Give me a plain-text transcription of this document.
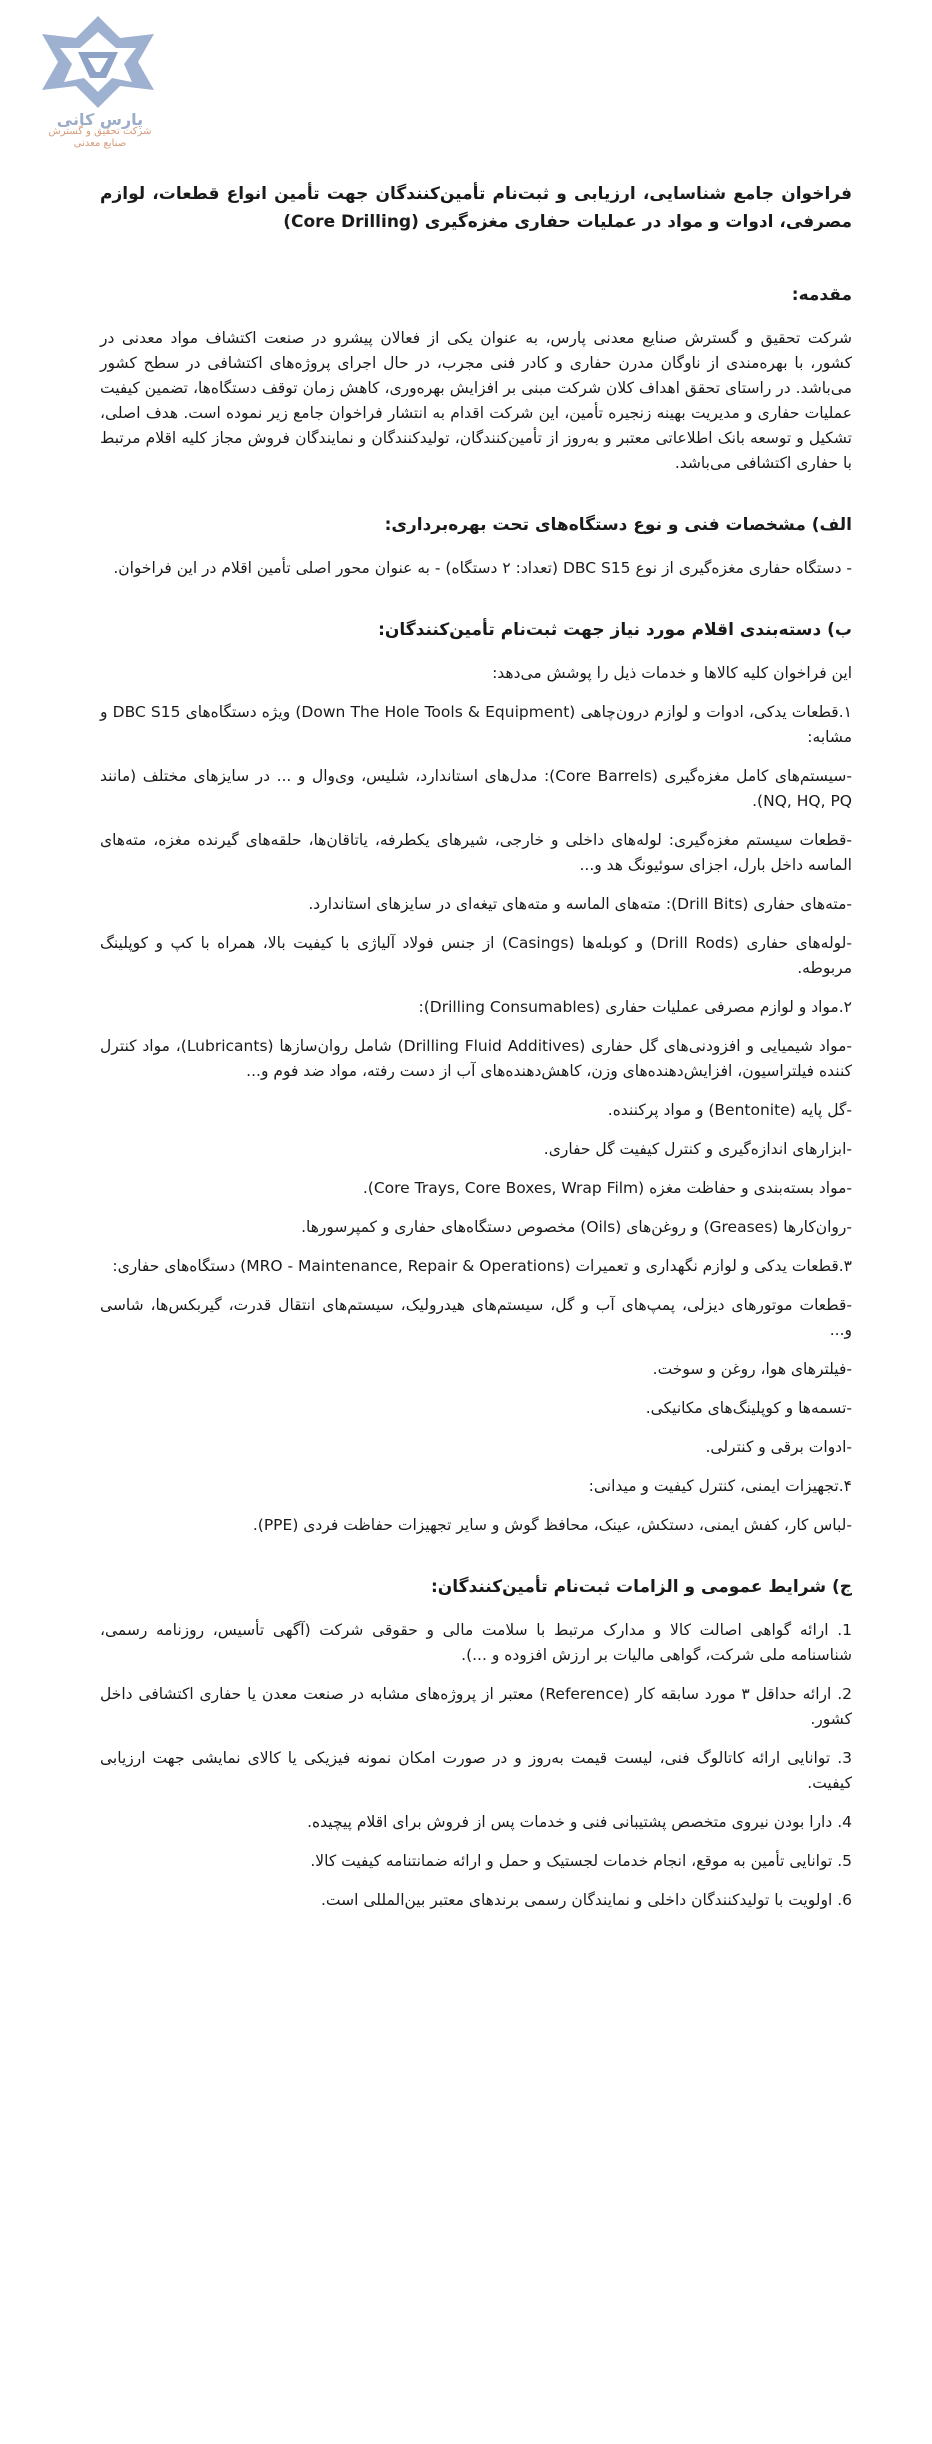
پارس کانی
شرکت تحقیق و گسترش
صنایع معدنی
فراخوان جامع شناسایی، ارزیابی و ثبت‌نام تأمین‌کنندگان جهت تأمین انواع قطعات، لوازم مصرفی، ادوات و مواد در عملیات حفاری مغزه‌گیری (Core Drilling)
مقدمه:
شرکت تحقیق و گسترش صنایع معدنی پارس، به عنوان یکی از فعالان پیشرو در صنعت اکتشاف مواد معدنی در کشور، با بهره‌مندی از ناوگان مدرن حفاری و کادر فنی مجرب، در حال اجرای پروژه‌های اکتشافی در سطح کشور می‌باشد. در راستای تحقق اهداف کلان شرکت مبنی بر افزایش بهره‌وری، کاهش زمان توقف دستگاه‌ها، تضمین کیفیت عملیات حفاری و مدیریت بهینه زنجیره تأمین، این شرکت اقدام به انتشار فراخوان جامع زیر نموده است. هدف اصلی، تشکیل و توسعه بانک اطلاعاتی معتبر و به‌روز از تأمین‌کنندگان، تولیدکنندگان و نمایندگان فروش مجاز کلیه اقلام مرتبط با حفاری اکتشافی می‌باشد.
الف) مشخصات فنی و نوع دستگاه‌های تحت بهره‌برداری:
- دستگاه حفاری مغزه‌گیری از نوع DBC S15 (تعداد: ۲ دستگاه) - به عنوان محور اصلی تأمین اقلام در این فراخوان.
ب) دسته‌بندی اقلام مورد نیاز جهت ثبت‌نام تأمین‌کنندگان:
این فراخوان کلیه کالاها و خدمات ذیل را پوشش می‌دهد:
۱.قطعات یدکی، ادوات و لوازم درون‌چاهی (Down The Hole Tools & Equipment) ویژه دستگاه‌های DBC S15 و مشابه:
-سیستم‌های کامل مغزه‌گیری (Core Barrels): مدل‌های استاندارد، شلیس، وی‌وال و ... در سایزهای مختلف (مانند NQ, HQ, PQ).
-قطعات سیستم مغزه‌گیری: لوله‌های داخلی و خارجی، شیرهای یکطرفه، یاتاقان‌ها، حلقه‌های گیرنده مغزه، مته‌های الماسه داخل بارل، اجزای سوئیونگ هد و...
-مته‌های حفاری (Drill Bits): مته‌های الماسه و مته‌های تیغه‌ای در سایزهای استاندارد.
-لوله‌های حفاری (Drill Rods) و کوبله‌ها (Casings) از جنس فولاد آلیاژی با کیفیت بالا، همراه با کپ و کوپلینگ مربوطه.
۲.مواد و لوازم مصرفی عملیات حفاری (Drilling Consumables):
-مواد شیمیایی و افزودنی‌های گل حفاری (Drilling Fluid Additives) شامل روان‌سازها (Lubricants)، مواد کنترل کننده فیلتراسیون، افزایش‌دهنده‌های وزن، کاهش‌دهنده‌های آب از دست رفته، مواد ضد فوم و...
-گل پایه (Bentonite) و مواد پرکننده.
-ابزارهای اندازه‌گیری و کنترل کیفیت گل حفاری.
-مواد بسته‌بندی و حفاظت مغزه (Core Trays, Core Boxes, Wrap Film).
-روان‌کارها (Greases) و روغن‌های (Oils) مخصوص دستگاه‌های حفاری و کمپرسورها.
۳.قطعات یدکی و لوازم نگهداری و تعمیرات (MRO - Maintenance, Repair & Operations) دستگاه‌های حفاری:
-قطعات موتورهای دیزلی، پمپ‌های آب و گل، سیستم‌های هیدرولیک، سیستم‌های انتقال قدرت، گیربکس‌ها، شاسی و...
-فیلترهای هوا، روغن و سوخت.
-تسمه‌ها و کوپلینگ‌های مکانیکی.
-ادوات برقی و کنترلی.
۴.تجهیزات ایمنی، کنترل کیفیت و میدانی:
-لباس کار، کفش ایمنی، دستکش، عینک، محافظ گوش و سایر تجهیزات حفاظت فردی (PPE).
ج) شرایط عمومی و الزامات ثبت‌نام تأمین‌کنندگان:
1. ارائه گواهی اصالت کالا و مدارک مرتبط با سلامت مالی و حقوقی شرکت (آگهی تأسیس، روزنامه رسمی، شناسنامه ملی شرکت، گواهی مالیات بر ارزش افزوده و ...).
2. ارائه حداقل ۳ مورد سابقه کار (Reference) معتبر از پروژه‌های مشابه در صنعت معدن یا حفاری اکتشافی داخل کشور.
3. توانایی ارائه کاتالوگ فنی، لیست قیمت به‌روز و در صورت امکان نمونه فیزیکی یا کالای نمایشی جهت ارزیابی کیفیت.
4. دارا بودن نیروی متخصص پشتیبانی فنی و خدمات پس از فروش برای اقلام پیچیده.
5. توانایی تأمین به موقع، انجام خدمات لجستیک و حمل و ارائه ضمانتنامه کیفیت کالا.
6. اولویت با تولیدکنندگان داخلی و نمایندگان رسمی برندهای معتبر بین‌المللی است.
